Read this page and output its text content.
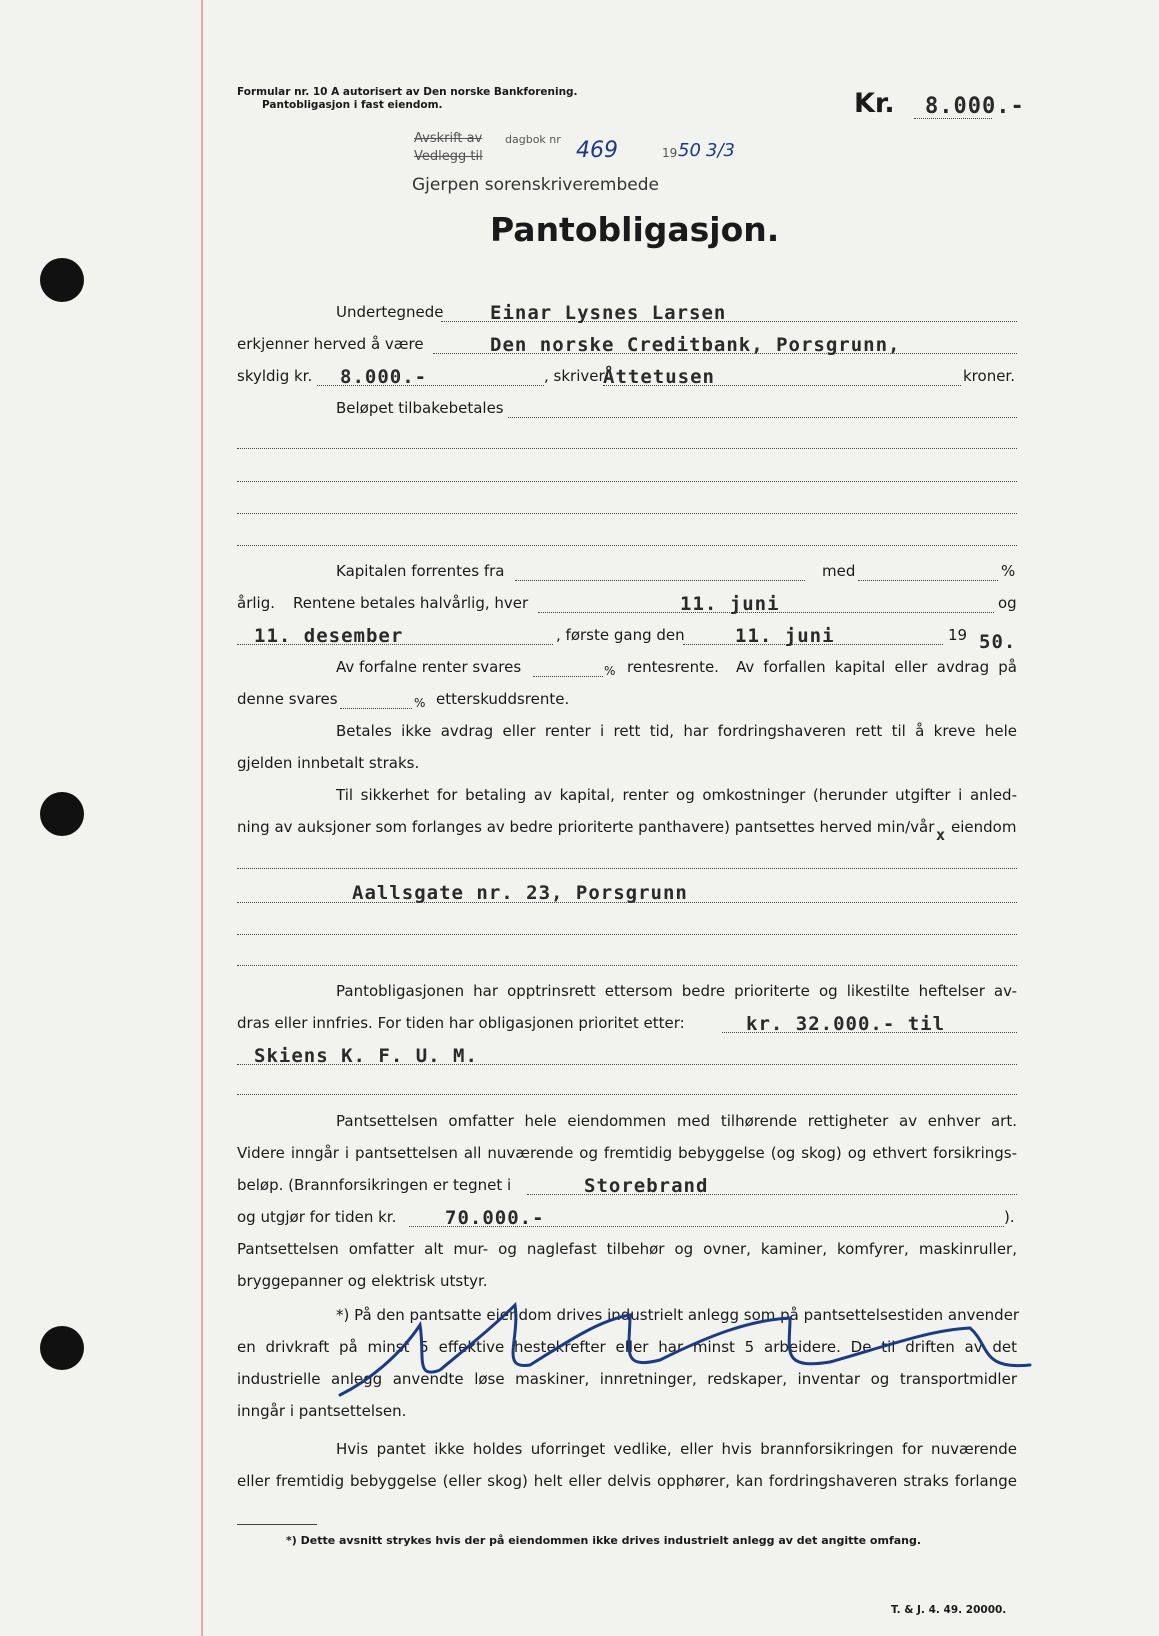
Formular nr. 10 A autorisert av Den norske Bankforening.
Pantobligasjon i fast eiendom.	Kr. 8.000.-
Avskrift av dagbok nr 469	19 50 3/3
Vedlegg til
Gjerpen sorenskriverembede
Pantobligasjon.
Undertegnede Einar Lysnes Larsen
erkjenner herved å være	Den norske Creditbank, Porsgrunn,
skyldig kr. 8.000.-	, skriver
Åttetusen	kroner.
Beløpet tilbakebetales
Kapitalen forrentes fra	med	%
årlig. Rentene betales halvårlig, hver	11. juni	og
11. desember	, første gang den	11. juni	19 50.
Av forfalne renter svares	% rentesrente. Av forfallen kapital eller avdrag på
denne svares	% etterskuddsrente.
Betales ikke avdrag eller renter i rett tid, har fordringshaveren rett til å kreve hele
gjelden innbetalt straks.
Til sikkerhet for betaling av kapital, renter og omkostninger (herunder utgifter i anled-
ning av auksjoner som forlanges av bedre prioriterte panthavere) pantsettes herved min/vår x eiendom
Aallsgate nr. 23, Porsgrunn
Pantobligasjonen har opptrinsrett ettersom bedre prioriterte og likestilte heftelser av-
dras eller innfries. For tiden har obligasjonen prioritet etter:	kr. 32.000.- til
Skiens K. F. U. M.
Pantsettelsen omfatter hele eiendommen med tilhørende rettigheter av enhver art.
Videre inngår i pantsettelsen all nuværende og fremtidig bebyggelse (og skog) og ethvert forsikrings-
beløp. (Brannforsikringen er tegnet i	Storebrand
og utgjør for tiden kr.	70.000.-	).
Pantsettelsen omfatter alt mur- og naglefast tilbehør og ovner, kaminer, komfyrer, maskinruller,
bryggepanner og elektrisk utstyr.
*) På den pantsatte eiendom drives industrielt anlegg som på pantsettelsestiden anvender
en drivkraft på minst 5 effektive hestekrefter eller har minst 5 arbeidere. De til driften av det
industrielle anlegg anvendte løse maskiner, innretninger, redskaper, inventar og transportmidler
inngår i pantsettelsen.
Hvis pantet ikke holdes uforringet vedlike, eller hvis brannforsikringen for nuværende
eller fremtidig bebyggelse (eller skog) helt eller delvis opphører, kan fordringshaveren straks forlange
*) Dette avsnitt strykes hvis der på eiendommen ikke drives industrielt anlegg av det angitte omfang.
T. & J. 4. 49. 20000.
